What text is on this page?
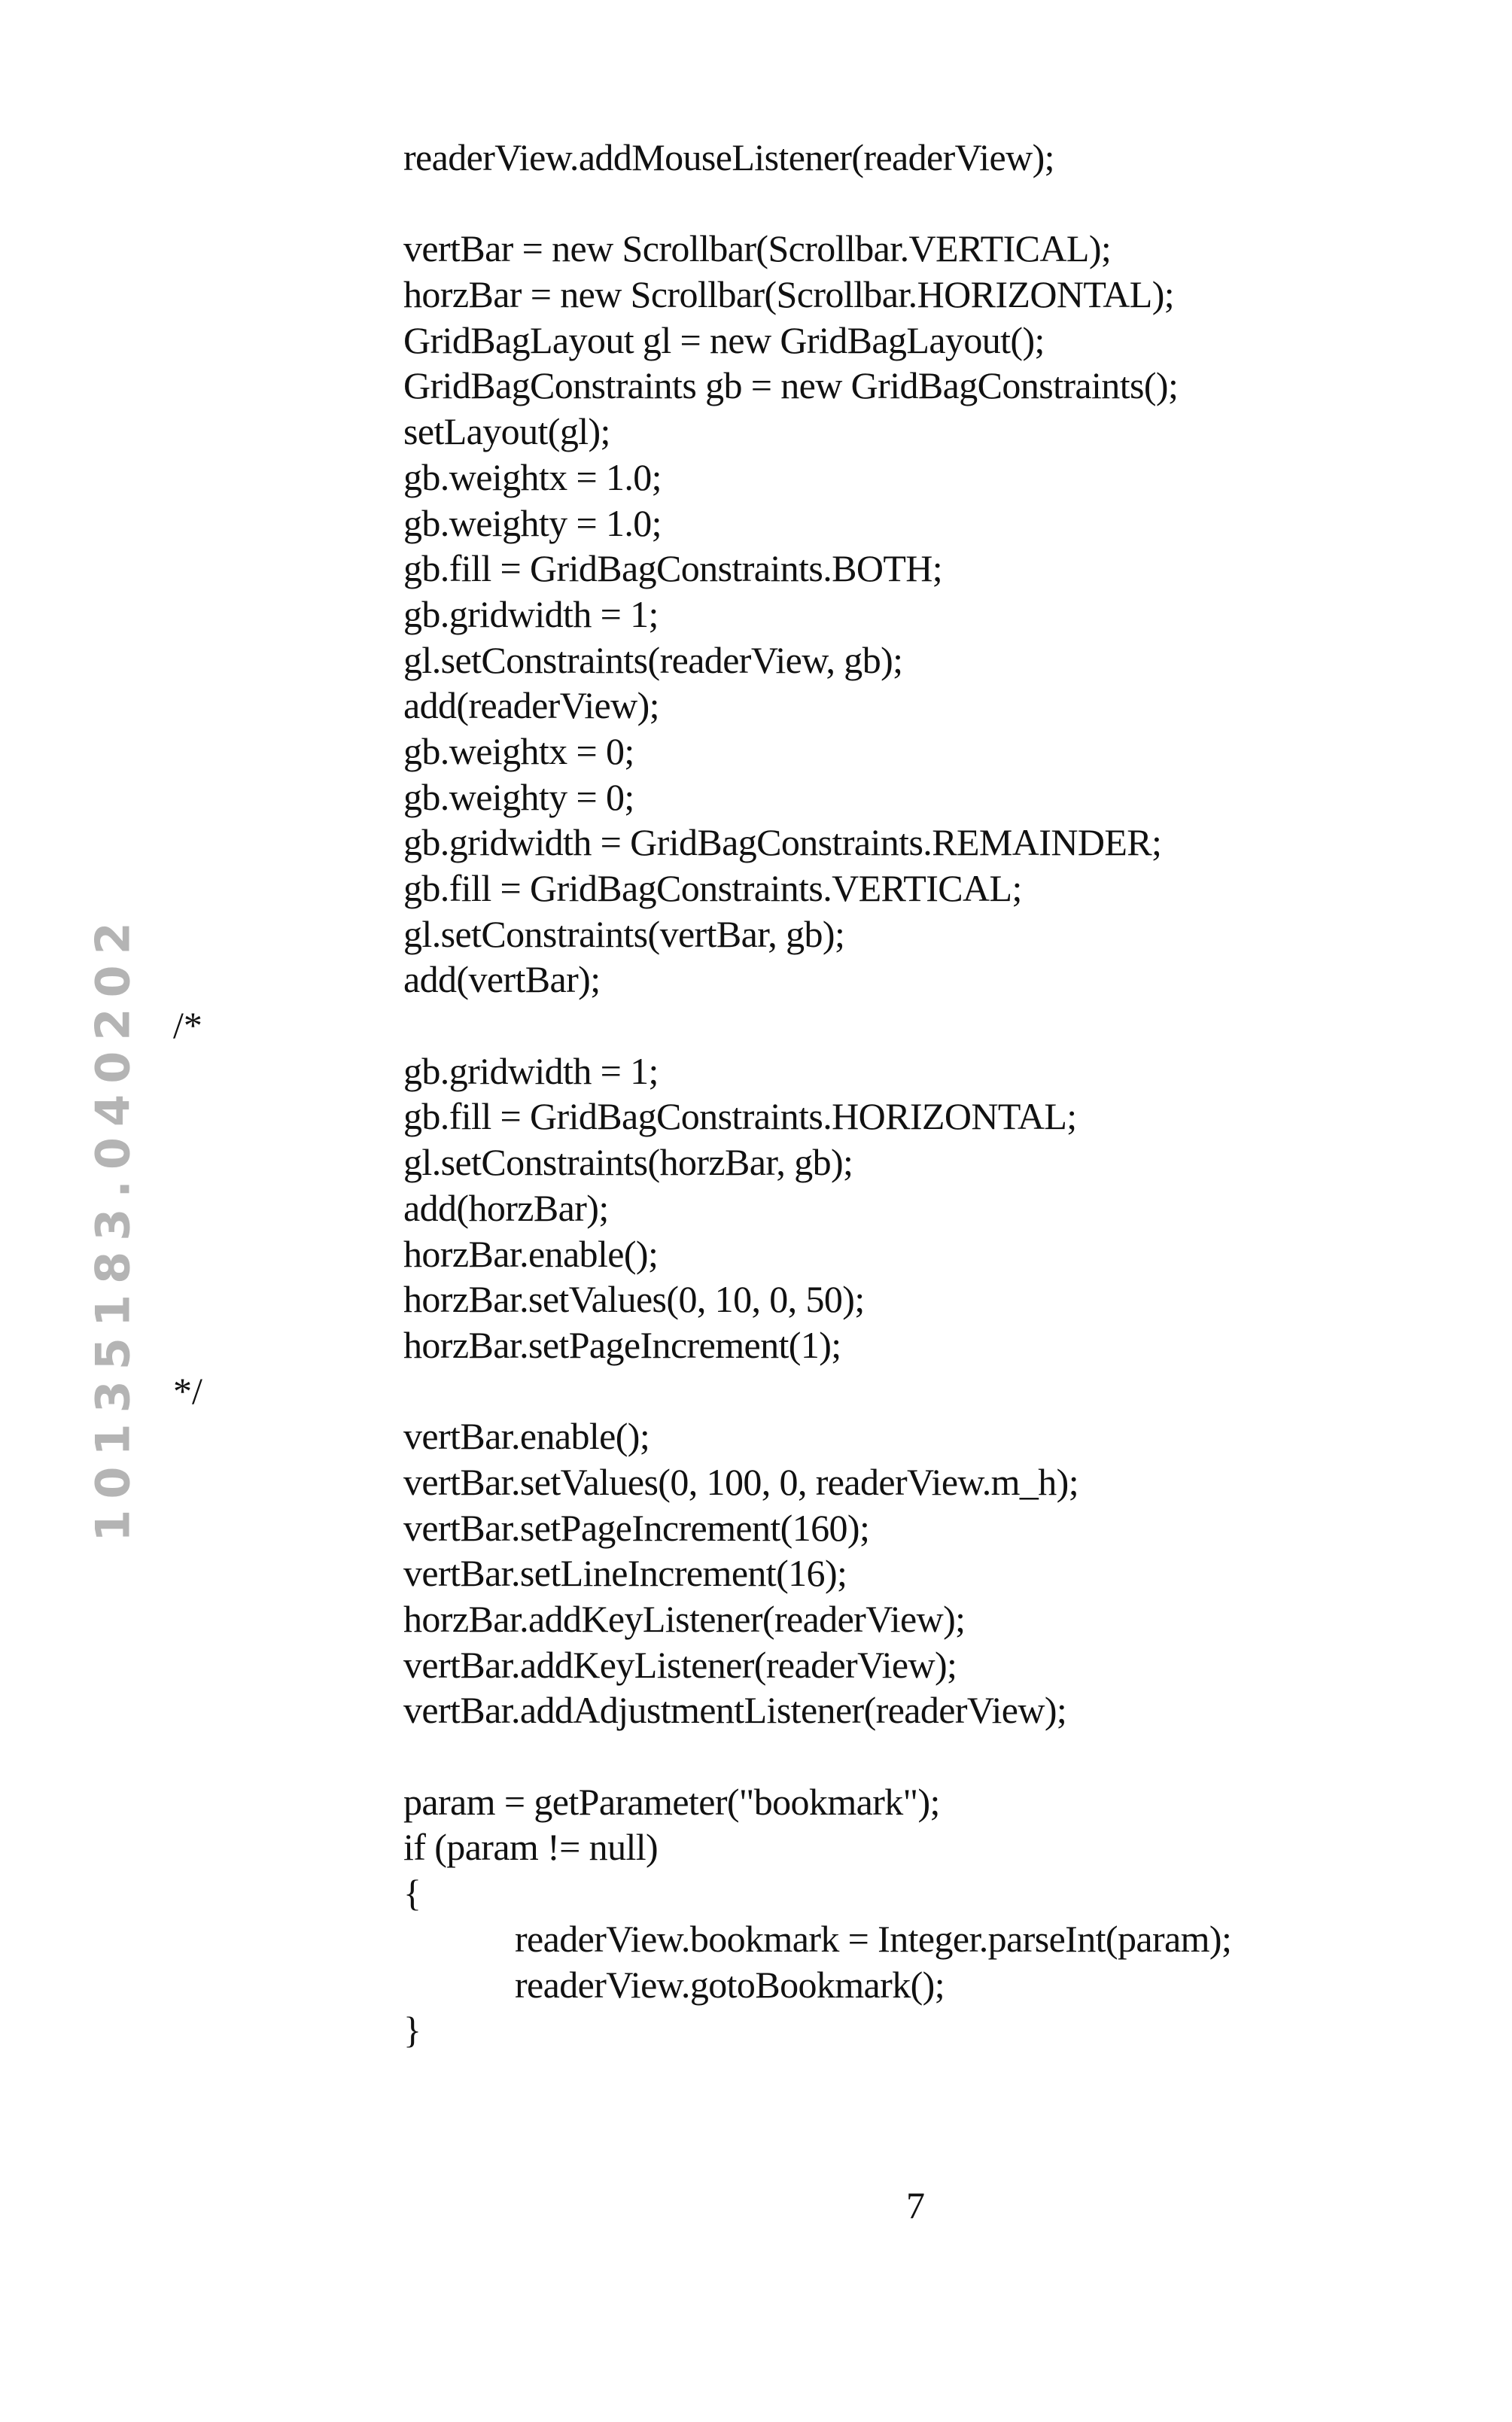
10135183.040202
readerView.addMouseListener(readerView);
vertBar = new Scrollbar(Scrollbar.VERTICAL);
horzBar = new Scrollbar(Scrollbar.HORIZONTAL);
GridBagLayout gl = new GridBagLayout();
GridBagConstraints gb = new GridBagConstraints();
setLayout(gl);
gb.weightx = 1.0;
gb.weighty = 1.0;
gb.fill = GridBagConstraints.BOTH;
gb.gridwidth = 1;
gl.setConstraints(readerView, gb);
add(readerView);
gb.weightx = 0;
gb.weighty = 0;
gb.gridwidth = GridBagConstraints.REMAINDER;
gb.fill = GridBagConstraints.VERTICAL;
gl.setConstraints(vertBar, gb);
add(vertBar);
gb.gridwidth = 1;
gb.fill = GridBagConstraints.HORIZONTAL;
gl.setConstraints(horzBar, gb);
add(horzBar);
horzBar.enable();
horzBar.setValues(0, 10, 0, 50);
horzBar.setPageIncrement(1);
vertBar.enable();
vertBar.setValues(0, 100, 0, readerView.m_h);
vertBar.setPageIncrement(160);
vertBar.setLineIncrement(16);
horzBar.addKeyListener(readerView);
vertBar.addKeyListener(readerView);
vertBar.addAdjustmentListener(readerView);
param = getParameter("bookmark");
if (param != null)
{
readerView.bookmark = Integer.parseInt(param);
readerView.gotoBookmark();
}
/*
*/
7
